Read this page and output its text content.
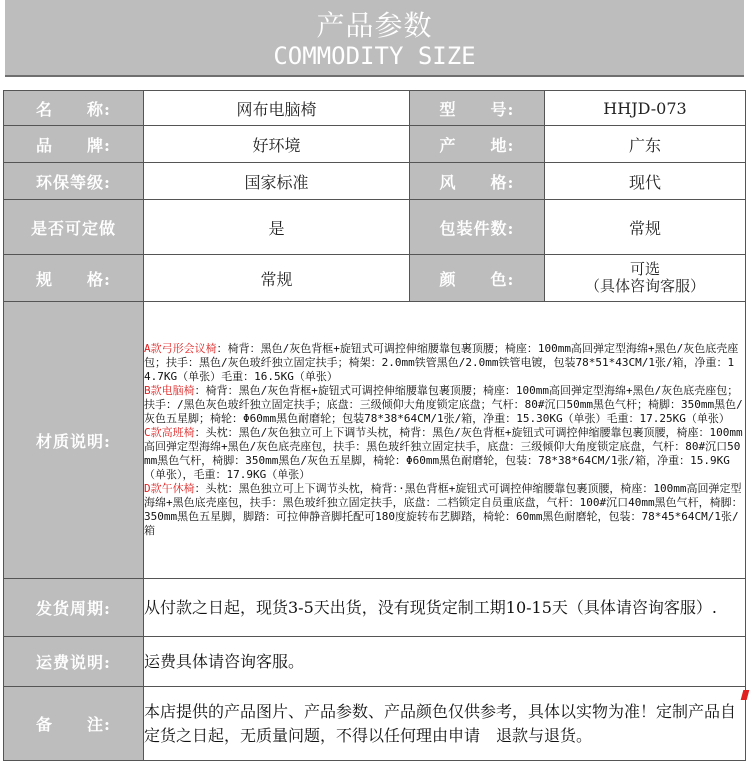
产品参数
COMMODITY SIZE
名　　称:	网布电脑椅	型　　号:	HHJD-073
品　　牌:	好环境	产　　地:	广东
环保等级:	国家标准	风　　格:	现代
是否可定做	是	包装件数:	常规
规　　格:	常规	颜　　色:	可选
（具体咨询客服）

材质说明:	A款弓形会议椅：椅背：黑色/灰色背框+旋钮式可调控伸缩腰靠包裹顶腰；椅座：100mm高回弹定型海绵+黑色/灰色底壳座包；扶手：黑色/灰色玻纤独立固定扶手；椅架：2.0mm铁管黑色/2.0mm铁管电镀，包装78*51*43CM/1张/箱，净重：14.7KG（单张）毛重：16.5KG（单张）
B款电脑椅：椅背：黑色/灰色背框+旋钮式可调控伸缩腰靠包裹顶腰；椅座：100mm高回弹定型海绵+黑色/灰色底壳座包；扶手：/黑色灰色玻纤独立固定扶手；底盘：三级倾仰大角度锁定底盘；气杆：80#沉口50mm黑色气杆；椅脚：350mm黑色/灰色五星脚；椅轮：Φ60mm黑色耐磨轮；包装78*38*64CM/1张/箱，净重：15.30KG（单张）毛重：17.25KG（单张）
C款高班椅：头枕：黑色/灰色独立可上下调节头枕，椅背：黑色/灰色背框+旋钮式可调控伸缩腰靠包裹顶腰，椅座：100mm高回弹定型海绵+黑色/灰色底壳座包，扶手：黑色玻纤独立固定扶手，底盘：三级倾仰大角度锁定底盘，气杆：80#沉口50mm黑色气杆，椅脚：350mm黑色/灰色五星脚，椅轮：Φ60mm黑色耐磨轮，包装：78*38*64CM/1张/箱，净重：15.9KG（单张），毛重：17.9KG（单张）
D款午休椅：头枕：黑色独立可上下调节头枕，椅背：·黑色背框+旋钮式可调控伸缩腰靠包裹顶腰，椅座：100mm高回弹定型海绵+黑色底壳座包，扶手：黑色玻纤独立固定扶手，底盘：二档锁定自员重底盘，气杆：100#沉口40mm黑色气杆，椅脚：350mm黑色五星脚，脚踏：可拉伸静音脚托配可180度旋转布艺脚踏，椅轮：60mm黑色耐磨轮，包装：78*45*64CM/1张/箱		
发货周期:	从付款之日起，现货3-5天出货，没有现货定制工期10-15天（具体请咨询客服）.		
运费说明:	运费具体请咨询客服。		
备　　注:	本店提供的产品图片、产品参数、产品颜色仅供参考，具体以实物为准！定制产品自定货之日起，无质量问题，不得以任何理由申请　退款与退货。		
